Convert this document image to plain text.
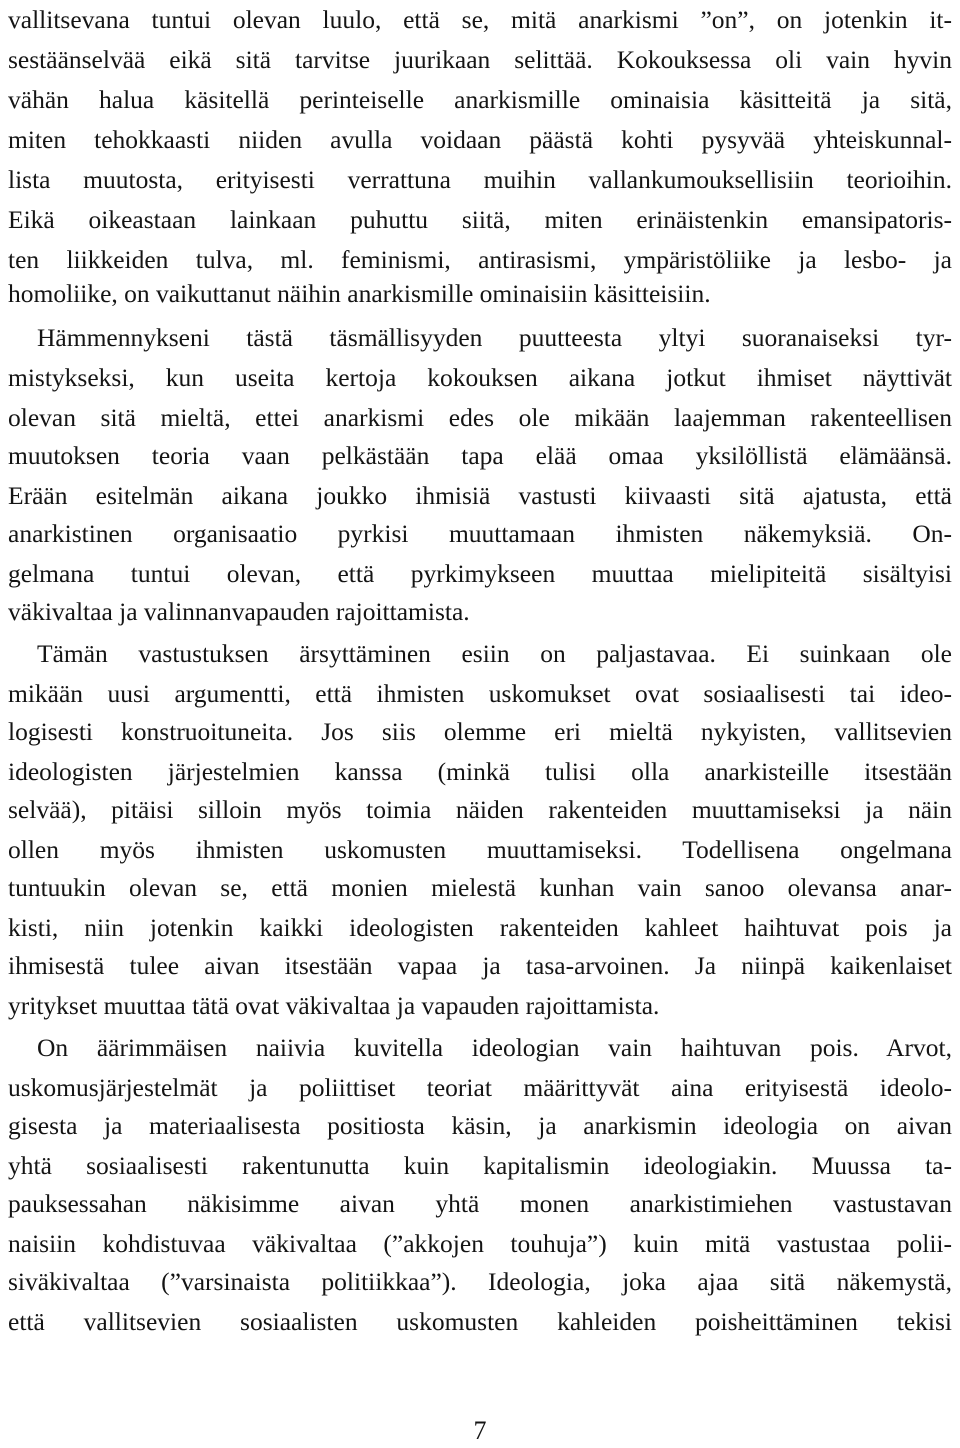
vallitsevana tuntui olevan luulo, että se, mitä anarkismi ”on”, on jotenkin it-
sestäänselvää eikä sitä tarvitse juurikaan selittää. Kokouksessa oli vain hyvin
vähän halua käsitellä perinteiselle anarkismille ominaisia käsitteitä ja sitä,
miten tehokkaasti niiden avulla voidaan päästä kohti pysyvää yhteiskunnal-
lista muutosta, erityisesti verrattuna muihin vallankumouksellisiin teorioihin.
Eikä oikeastaan lainkaan puhuttu siitä, miten erinäistenkin emansipatoris-
ten liikkeiden tulva, ml. feminismi, antirasismi, ympäristöliike ja lesbo- ja
homoliike, on vaikuttanut näihin anarkismille ominaisiin käsitteisiin.
Hämmennykseni tästä täsmällisyyden puutteesta yltyi suoranaiseksi tyr-
mistykseksi, kun useita kertoja kokouksen aikana jotkut ihmiset näyttivät
olevan sitä mieltä, ettei anarkismi edes ole mikään laajemman rakenteellisen
muutoksen teoria vaan pelkästään tapa elää omaa yksilöllistä elämäänsä.
Erään esitelmän aikana joukko ihmisiä vastusti kiivaasti sitä ajatusta, että
anarkistinen organisaatio pyrkisi muuttamaan ihmisten näkemyksiä. On-
gelmana tuntui olevan, että pyrkimykseen muuttaa mielipiteitä sisältyisi
väkivaltaa ja valinnanvapauden rajoittamista.
Tämän vastustuksen ärsyttäminen esiin on paljastavaa. Ei suinkaan ole
mikään uusi argumentti, että ihmisten uskomukset ovat sosiaalisesti tai ideo-
logisesti konstruoituneita. Jos siis olemme eri mieltä nykyisten, vallitsevien
ideologisten järjestelmien kanssa (minkä tulisi olla anarkisteille itsestään
selvää), pitäisi silloin myös toimia näiden rakenteiden muuttamiseksi ja näin
ollen myös ihmisten uskomusten muuttamiseksi. Todellisena ongelmana
tuntuukin olevan se, että monien mielestä kunhan vain sanoo olevansa anar-
kisti, niin jotenkin kaikki ideologisten rakenteiden kahleet haihtuvat pois ja
ihmisestä tulee aivan itsestään vapaa ja tasa-arvoinen. Ja niinpä kaikenlaiset
yritykset muuttaa tätä ovat väkivaltaa ja vapauden rajoittamista.
On äärimmäisen naiivia kuvitella ideologian vain haihtuvan pois. Arvot,
uskomusjärjestelmät ja poliittiset teoriat määrittyvät aina erityisestä ideolo-
gisesta ja materiaalisesta positiosta käsin, ja anarkismin ideologia on aivan
yhtä sosiaalisesti rakentunutta kuin kapitalismin ideologiakin. Muussa ta-
pauksessahan näkisimme aivan yhtä monen anarkistimiehen vastustavan
naisiin kohdistuvaa väkivaltaa (”akkojen touhuja”) kuin mitä vastustaa polii-
siväkivaltaa (”varsinaista politiikkaa”). Ideologia, joka ajaa sitä näkemystä,
että vallitsevien sosiaalisten uskomusten kahleiden poisheittäminen tekisi
7
